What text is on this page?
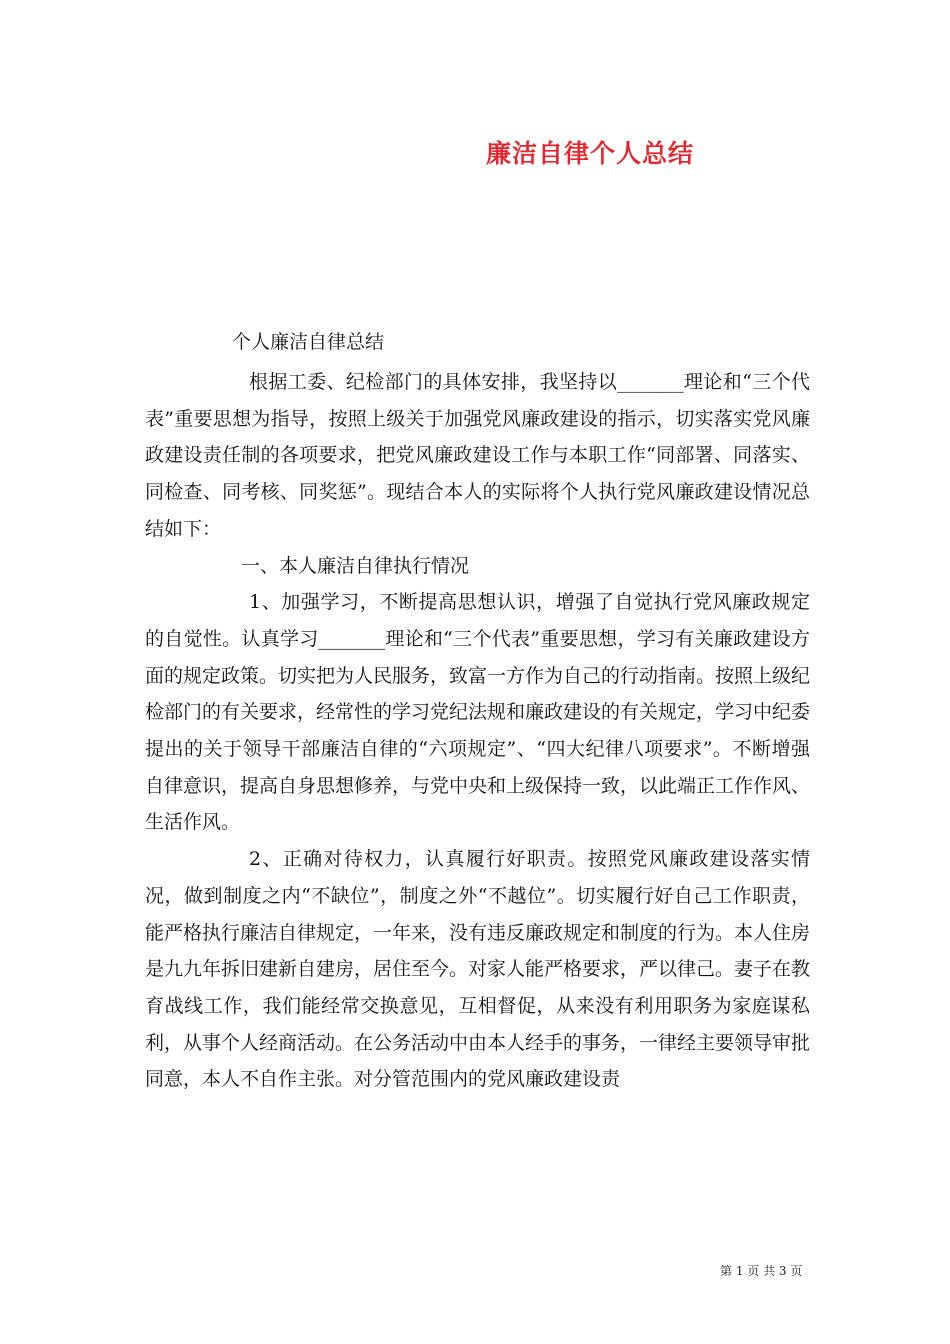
廉洁自律个人总结
个人廉洁自律总结

根据工委、纪检部门的具体安排，我坚持以_______理论和“三个代表”重要思想为指导，按照上级关于加强党风廉政建设的指示，切实落实党风廉政建设责任制的各项要求，把党风廉政建设工作与本职工作“同部署、同落实、同检查、同考核、同奖惩”。现结合本人的实际将个人执行党风廉政建设情况总结如下：

一、本人廉洁自律执行情况

1、加强学习，不断提高思想认识，增强了自觉执行党风廉政规定的自觉性。认真学习_______理论和“三个代表”重要思想，学习有关廉政建设方面的规定政策。切实把为人民服务，致富一方作为自己的行动指南。按照上级纪检部门的有关要求，经常性的学习党纪法规和廉政建设的有关规定，学习中纪委提出的关于领导干部廉洁自律的“六项规定”、“四大纪律八项要求”。不断增强自律意识，提高自身思想修养，与党中央和上级保持一致，以此端正工作作风、生活作风。

2、正确对待权力，认真履行好职责。按照党风廉政建设落实情况，做到制度之内“不缺位”，制度之外“不越位”。切实履行好自己工作职责，能严格执行廉洁自律规定，一年来，没有违反廉政规定和制度的行为。本人住房是九九年拆旧建新自建房，居住至今。对家人能严格要求，严以律己。妻子在教育战线工作，我们能经常交换意见，互相督促，从来没有利用职务为家庭谋私利，从事个人经商活动。在公务活动中由本人经手的事务，一律经主要领导审批同意，本人不自作主张。对分管范围内的党风廉政建设责

第 1 页 共 3 页
